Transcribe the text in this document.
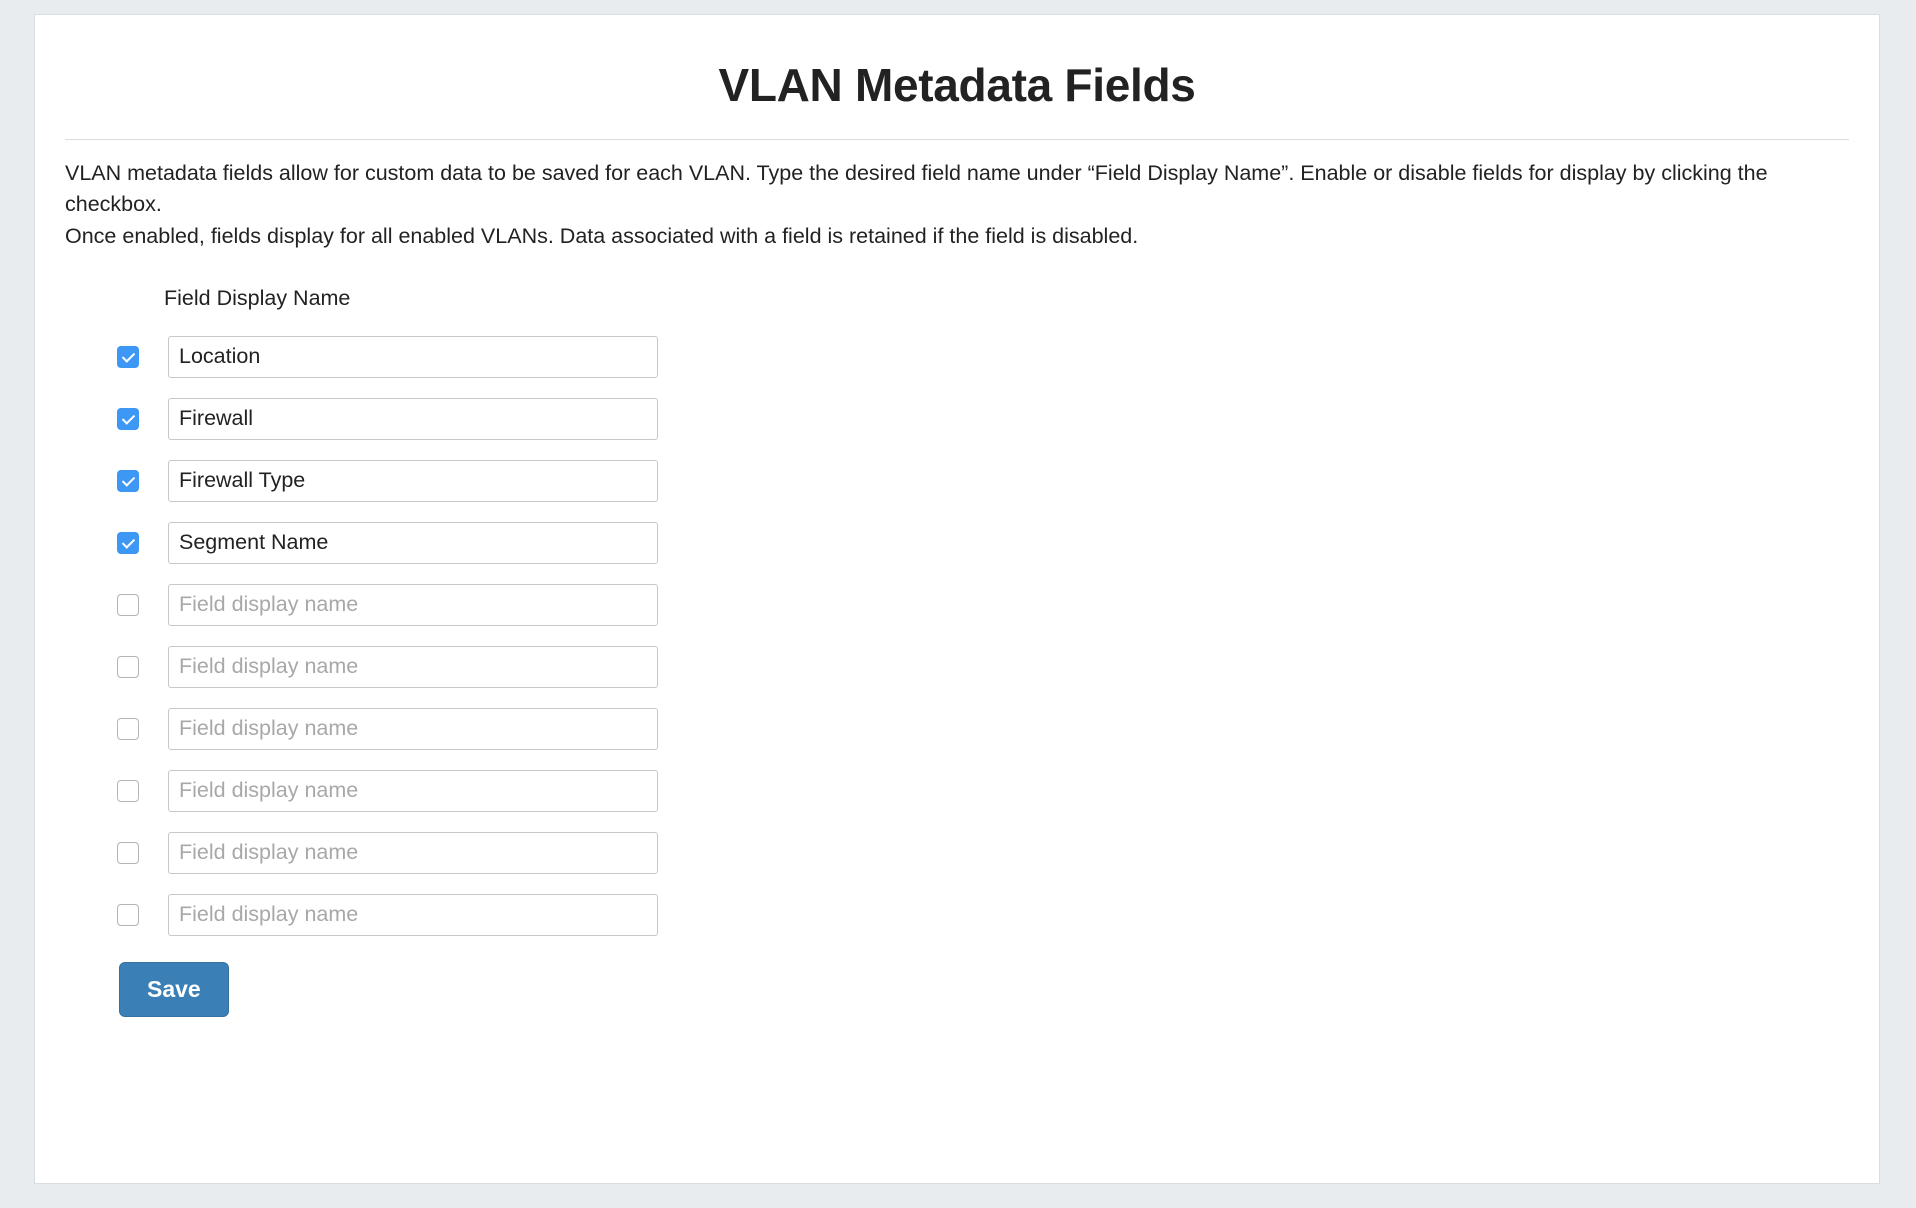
VLAN Metadata Fields

VLAN metadata fields allow for custom data to be saved for each VLAN. Type the desired field name under “Field Display Name”. Enable or disable fields for display by clicking the checkbox.

Once enabled, fields display for all enabled VLANs. Data associated with a field is retained if the field is disabled.

Field Display Name
Location
Firewall
Firewall Type
Segment Name
Field display name
Field display name
Field display name
Field display name
Field display name
Field display name
Save
